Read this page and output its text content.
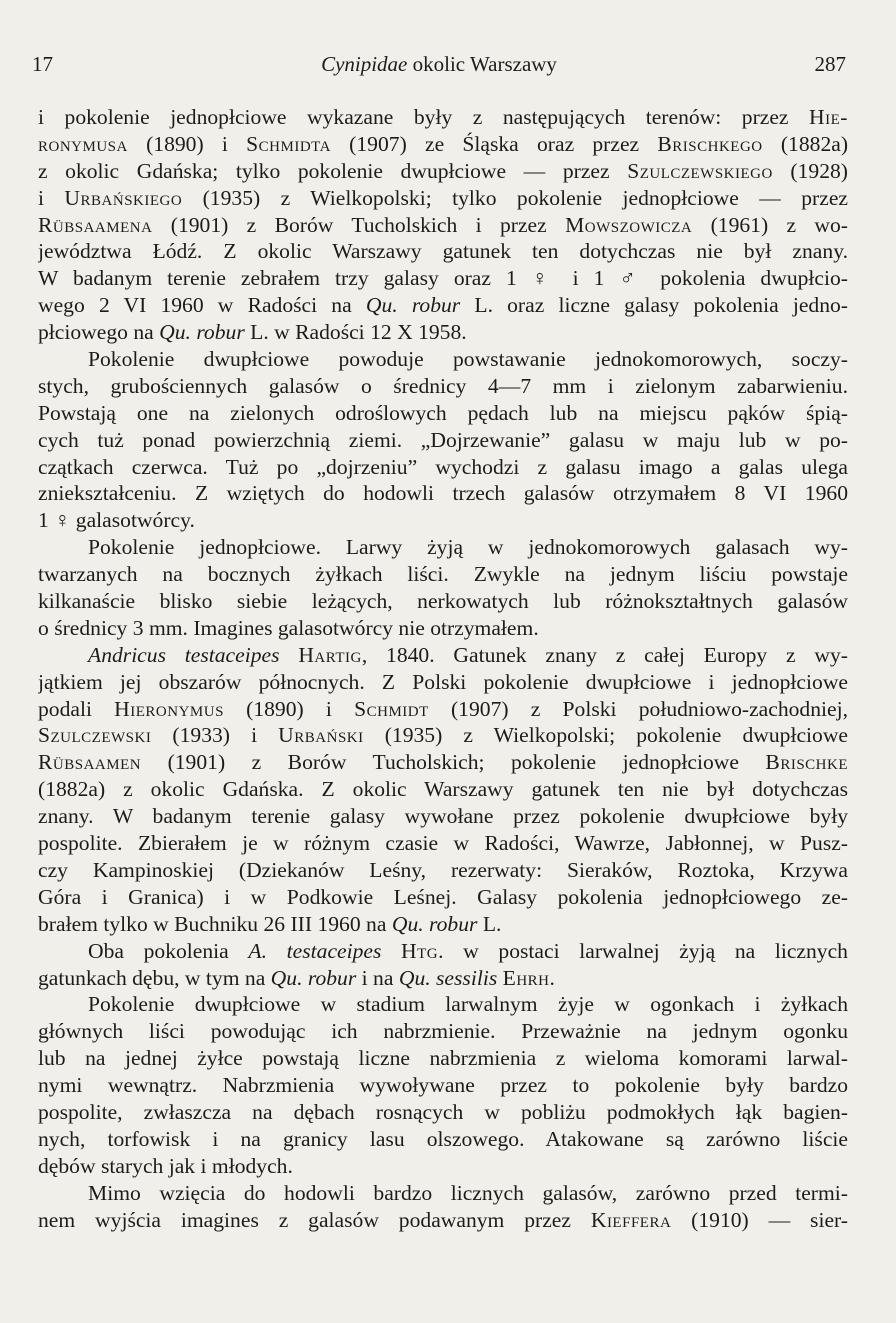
17	Cynipidae okolic Warszawy	287
i pokolenie jednopłciowe wykazane były z następujących terenów: przez Hie-
ronymusa (1890) i Schmidta (1907) ze Śląska oraz przez Brischkego (1882a)
z okolic Gdańska; tylko pokolenie dwupłciowe — przez Szulczewskiego (1928)
i Urbańskiego (1935) z Wielkopolski; tylko pokolenie jednopłciowe — przez
Rübsaamena (1901) z Borów Tucholskich i przez Mowszowicza (1961) z wo-
jewództwa Łódź. Z okolic Warszawy gatunek ten dotychczas nie był znany.
W badanym terenie zebrałem trzy galasy oraz 1 ♀ i 1 ♂ pokolenia dwupłcio-
wego 2 VI 1960 w Radości na Qu. robur L. oraz liczne galasy pokolenia jedno-
płciowego na Qu. robur L. w Radości 12 X 1958.
Pokolenie dwupłciowe powoduje powstawanie jednokomorowych, soczy-
stych, grubościennych galasów o średnicy 4—7 mm i zielonym zabarwieniu.
Powstają one na zielonych odroślowych pędach lub na miejscu pąków śpią-
cych tuż ponad powierzchnią ziemi. „Dojrzewanie” galasu w maju lub w po-
czątkach czerwca. Tuż po „dojrzeniu” wychodzi z galasu imago a galas ulega
zniekształceniu. Z wziętych do hodowli trzech galasów otrzymałem 8 VI 1960
1 ♀ galasotwórcy.
Pokolenie jednopłciowe. Larwy żyją w jednokomorowych galasach wy-
twarzanych na bocznych żyłkach liści. Zwykle na jednym liściu powstaje
kilkanaście blisko siebie leżących, nerkowatych lub różnokształtnych galasów
o średnicy 3 mm. Imagines galasotwórcy nie otrzymałem.
Andricus testaceipes Hartig, 1840. Gatunek znany z całej Europy z wy-
jątkiem jej obszarów północnych. Z Polski pokolenie dwupłciowe i jednopłciowe
podali Hieronymus (1890) i Schmidt (1907) z Polski południowo-zachodniej,
Szulczewski (1933) i Urbański (1935) z Wielkopolski; pokolenie dwupłciowe
Rübsaamen (1901) z Borów Tucholskich; pokolenie jednopłciowe Brischke
(1882a) z okolic Gdańska. Z okolic Warszawy gatunek ten nie był dotychczas
znany. W badanym terenie galasy wywołane przez pokolenie dwupłciowe były
pospolite. Zbierałem je w różnym czasie w Radości, Wawrze, Jabłonnej, w Pusz-
czy Kampinoskiej (Dziekanów Leśny, rezerwaty: Sieraków, Roztoka, Krzywa
Góra i Granica) i w Podkowie Leśnej. Galasy pokolenia jednopłciowego ze-
brałem tylko w Buchniku 26 III 1960 na Qu. robur L.
Oba pokolenia A. testaceipes Htg. w postaci larwalnej żyją na licznych
gatunkach dębu, w tym na Qu. robur i na Qu. sessilis Ehrh.
Pokolenie dwupłciowe w stadium larwalnym żyje w ogonkach i żyłkach
głównych liści powodując ich nabrzmienie. Przeważnie na jednym ogonku
lub na jednej żyłce powstają liczne nabrzmienia z wieloma komorami larwal-
nymi wewnątrz. Nabrzmienia wywoływane przez to pokolenie były bardzo
pospolite, zwłaszcza na dębach rosnących w pobliżu podmokłych łąk bagien-
nych, torfowisk i na granicy lasu olszowego. Atakowane są zarówno liście
dębów starych jak i młodych.
Mimo wzięcia do hodowli bardzo licznych galasów, zarówno przed termi-
nem wyjścia imagines z galasów podawanym przez Kieffera (1910) — sier-
